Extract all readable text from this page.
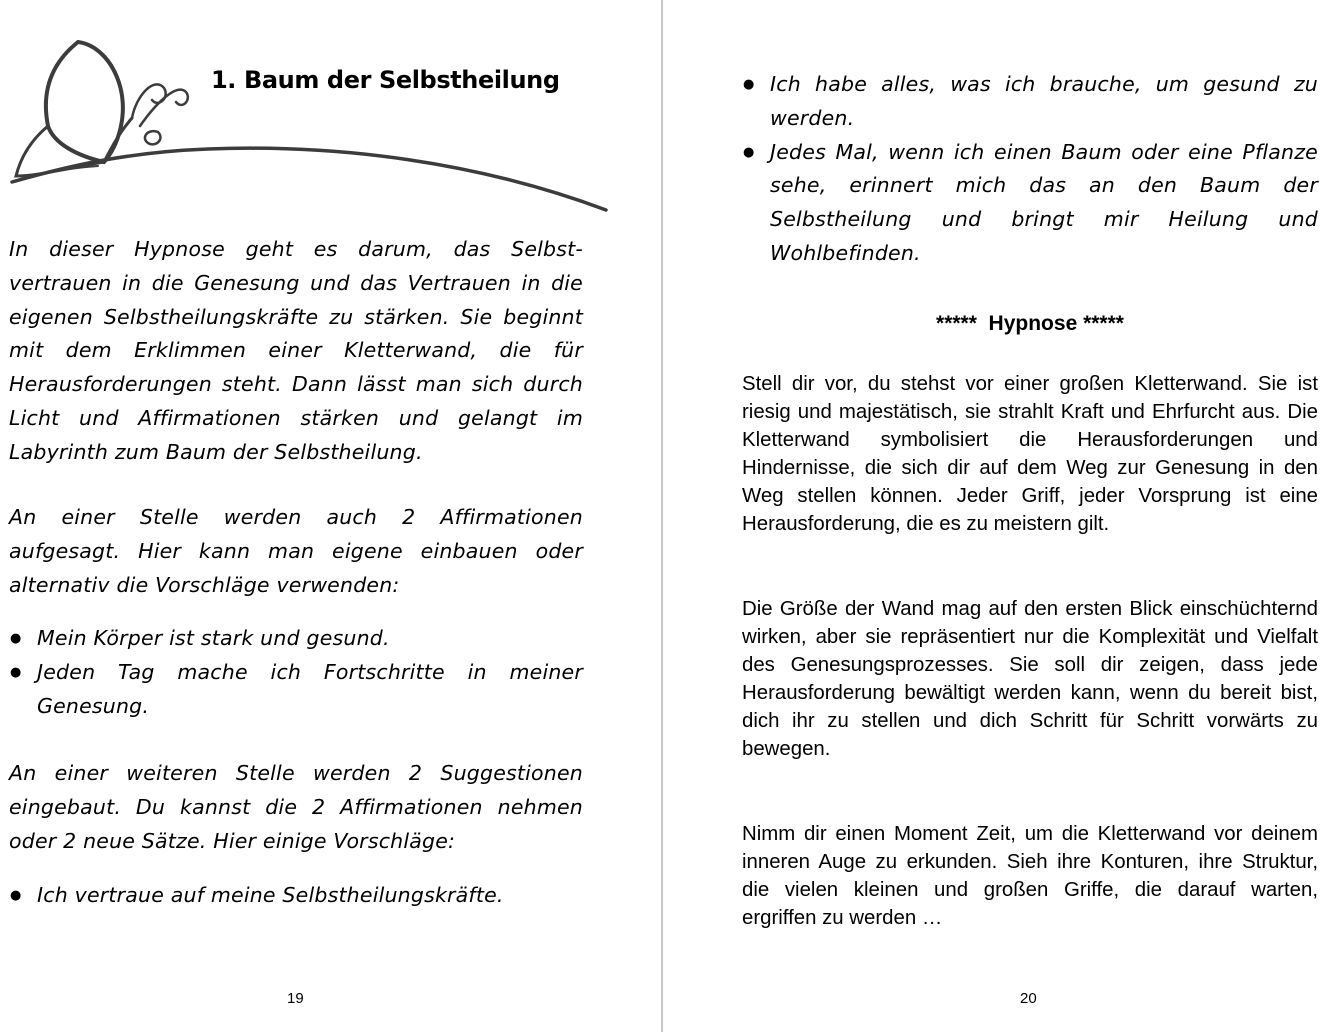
1. Baum der Selbstheilung

In dieser Hypnose geht es darum, das Selbst-vertrauen in die Genesung und das Vertrauen in die eigenen Selbstheilungskräfte zu stärken. Sie beginnt mit dem Erklimmen einer Kletterwand, die für Herausforderungen steht. Dann lässt man sich durch Licht und Affirmationen stärken und gelangt im Labyrinth zum Baum der Selbstheilung.

An einer Stelle werden auch 2 Affirmationen aufgesagt. Hier kann man eigene einbauen oder alternativ die Vorschläge verwenden:

● Mein Körper ist stark und gesund.
● Jeden Tag mache ich Fortschritte in meiner Genesung.

An einer weiteren Stelle werden 2 Suggestionen eingebaut. Du kannst die 2 Affirmationen nehmen oder 2 neue Sätze. Hier einige Vorschläge:

● Ich vertraue auf meine Selbstheilungskräfte.
19
● Ich habe alles, was ich brauche, um gesund zu werden.
● Jedes Mal, wenn ich einen Baum oder eine Pflanze sehe, erinnert mich das an den Baum der Selbstheilung und bringt mir Heilung und Wohlbefinden.

*****  Hypnose *****

Stell dir vor, du stehst vor einer großen Kletterwand. Sie ist riesig und majestätisch, sie strahlt Kraft und Ehrfurcht aus. Die Kletterwand symbolisiert die Herausforderungen und Hindernisse, die sich dir auf dem Weg zur Genesung in den Weg stellen können. Jeder Griff, jeder Vorsprung ist eine Herausforderung, die es zu meistern gilt.

Die Größe der Wand mag auf den ersten Blick einschüchternd wirken, aber sie repräsentiert nur die Komplexität und Vielfalt des Genesungsprozesses. Sie soll dir zeigen, dass jede Herausforderung bewältigt werden kann, wenn du bereit bist, dich ihr zu stellen und dich Schritt für Schritt vorwärts zu bewegen.

Nimm dir einen Moment Zeit, um die Kletterwand vor deinem inneren Auge zu erkunden. Sieh ihre Konturen, ihre Struktur, die vielen kleinen und großen Griffe, die darauf warten, ergriffen zu werden …

20
